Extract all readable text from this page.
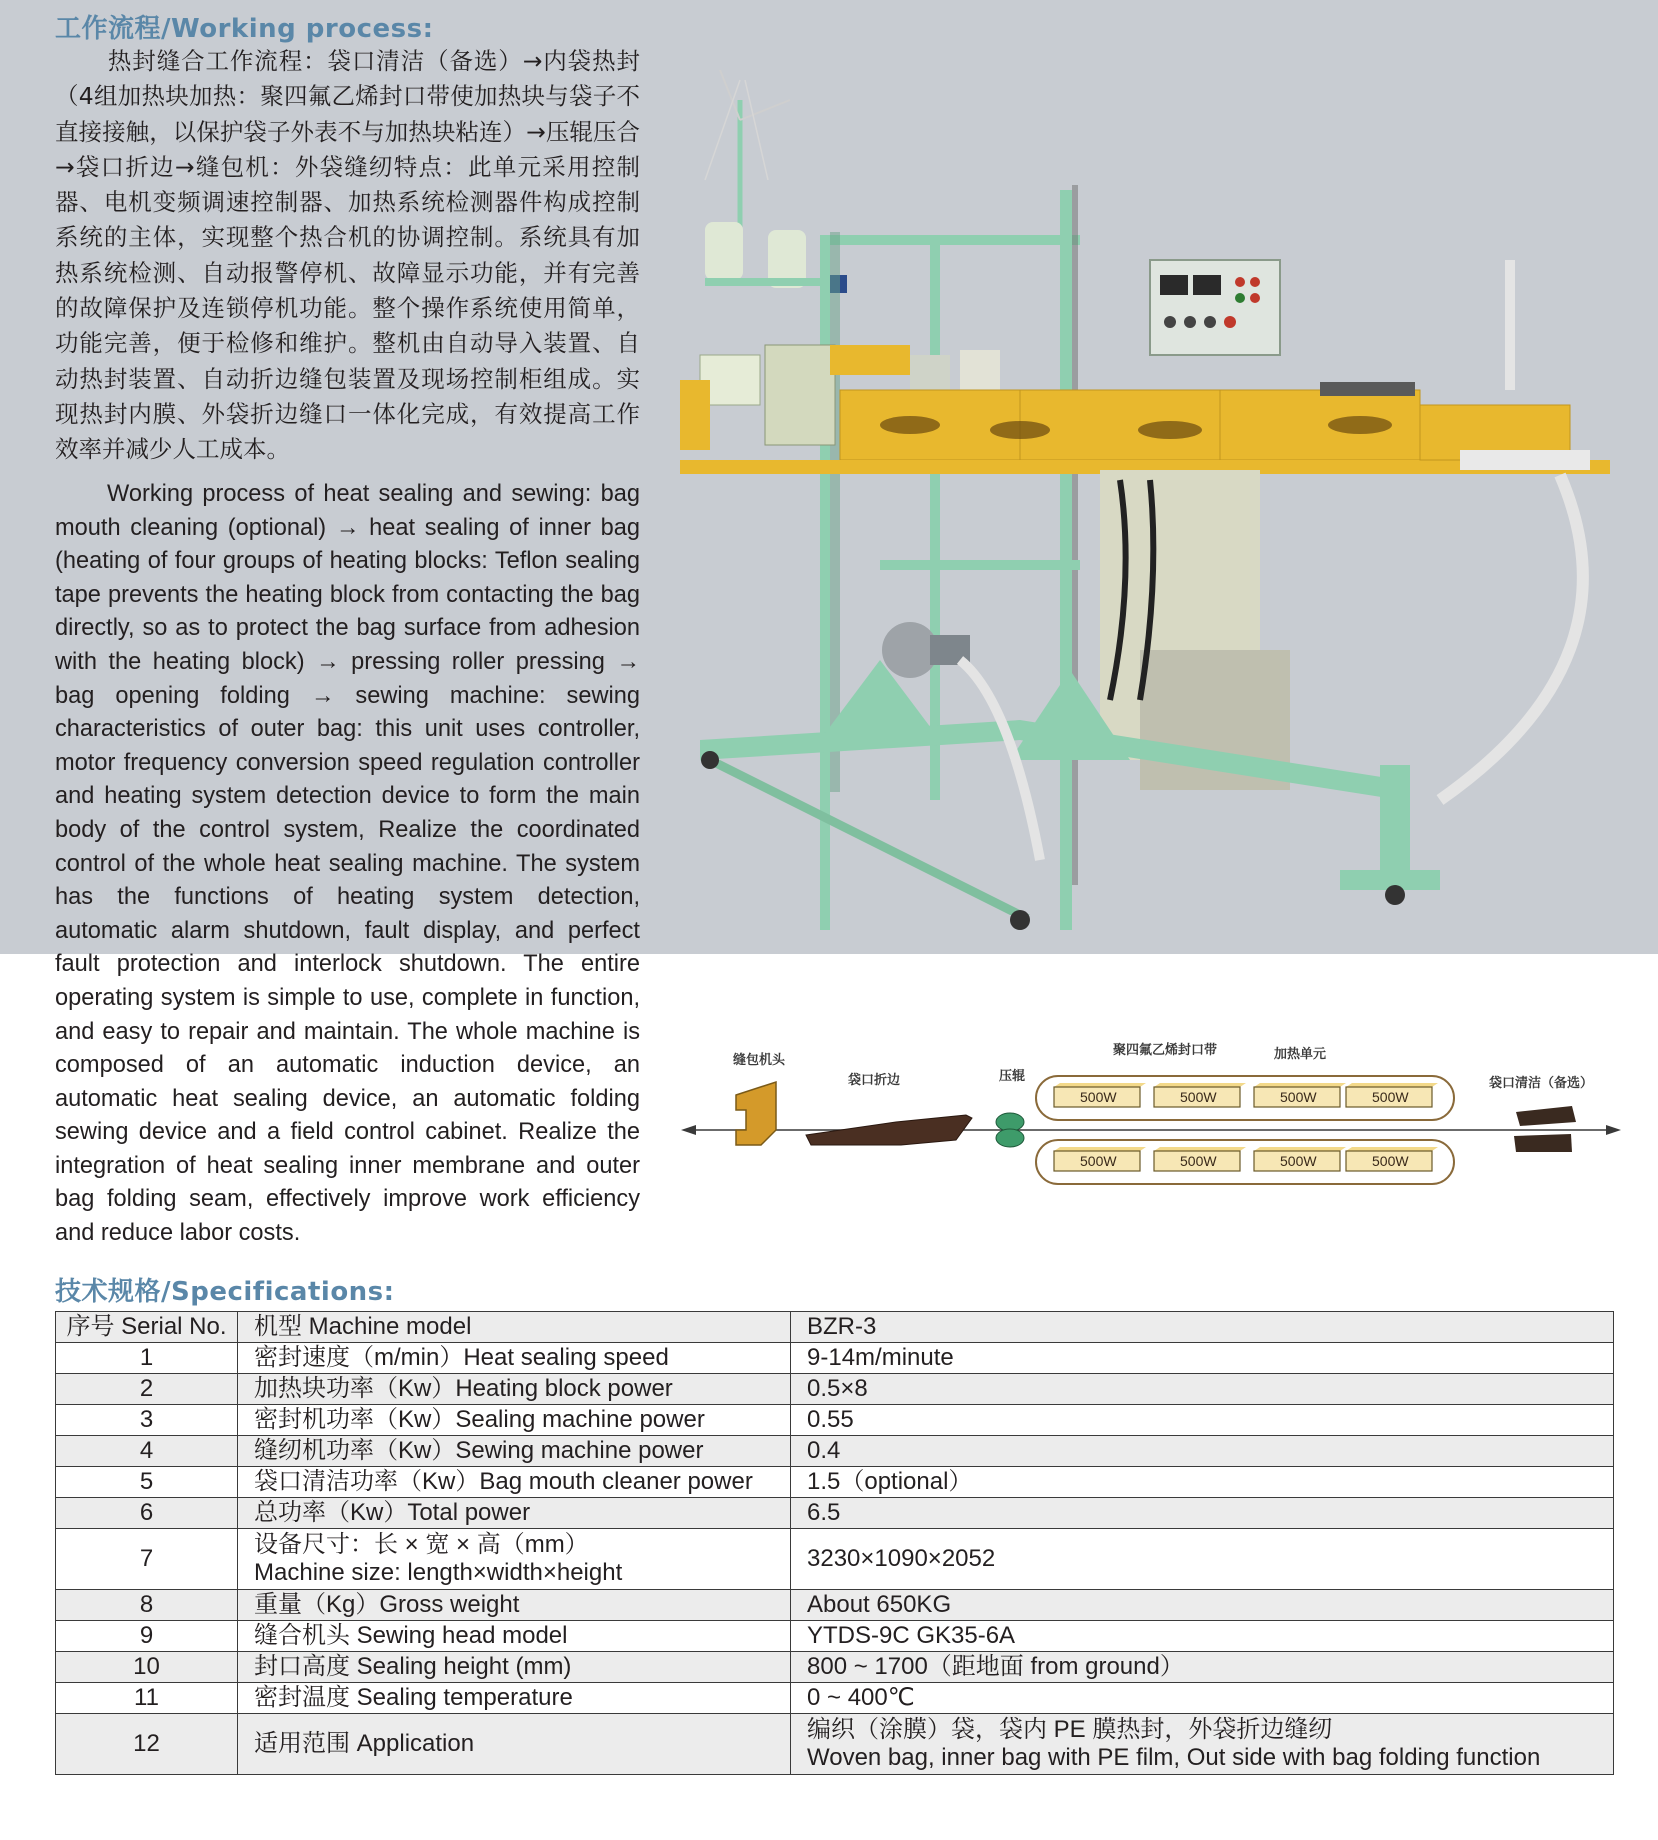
工作流程/Working process:
热封缝合工作流程：袋口清洁（备选）→内袋热封（4组加热块加热：聚四氟乙烯封口带使加热块与袋子不直接接触，以保护袋子外表不与加热块粘连）→压辊压合→袋口折边→缝包机：外袋缝纫特点：此单元采用控制器、电机变频调速控制器、加热系统检测器件构成控制系统的主体，实现整个热合机的协调控制。系统具有加热系统检测、自动报警停机、故障显示功能，并有完善的故障保护及连锁停机功能。整个操作系统使用简单，功能完善，便于检修和维护。整机由自动导入装置、自动热封装置、自动折边缝包装置及现场控制柜组成。实现热封内膜、外袋折边缝口一体化完成，有效提高工作效率并减少人工成本。
Working process of heat sealing and sewing: bag mouth cleaning (optional) → heat sealing of inner bag (heating of four groups of heating blocks: Teflon sealing tape prevents the heating block from contacting the bag directly, so as to protect the bag surface from adhesion with the heating block) → pressing roller pressing → bag opening folding → sewing machine: sewing characteristics of outer bag: this unit uses controller, motor frequency conversion speed regulation controller and heating system detection device to form the main body of the control system, Realize the coordinated control of the whole heat sealing machine. The system has the functions of heating system detection, automatic alarm shutdown, fault display, and perfect fault protection and interlock shutdown. The entire operating system is simple to use, complete in function, and easy to repair and maintain. The whole machine is composed of an automatic induction device, an automatic heat sealing device, an automatic folding sewing device and a field control cabinet. Realize the integration of heat sealing inner membrane and outer bag folding seam, effectively improve work efficiency and reduce labor costs.
缝包机头
袋口折边	压辊
聚四氟乙烯封口带	加热单元
500W	500W	500W	500W
500W	500W	500W	500W
袋口清洁（备选）
技术规格/Specifications:
序号 Serial No.	机型 Machine model	BZR-3
1	密封速度（m/min）Heat sealing speed	9-14m/minute
2	加热块功率（Kw）Heating block power	0.5×8
3	密封机功率（Kw）Sealing machine power	0.55
4	缝纫机功率（Kw）Sewing machine power	0.4
5	袋口清洁功率（Kw）Bag mouth cleaner power	1.5（optional）
6	总功率（Kw）Total power	6.5
7	设备尺寸：长 × 宽 × 高（mm）
Machine size: length×width×height	3230×1090×2052
8	重量（Kg）Gross weight	About 650KG
9	缝合机头 Sewing head model	YTDS-9C GK35-6A
10	封口高度 Sealing height (mm)	800 ~ 1700（距地面 from ground）
11	密封温度 Sealing temperature	0 ~ 400℃
12	适用范围 Application	编织（涂膜）袋，袋内 PE 膜热封，外袋折边缝纫
Woven bag, inner bag with PE film, Out side with bag folding function
